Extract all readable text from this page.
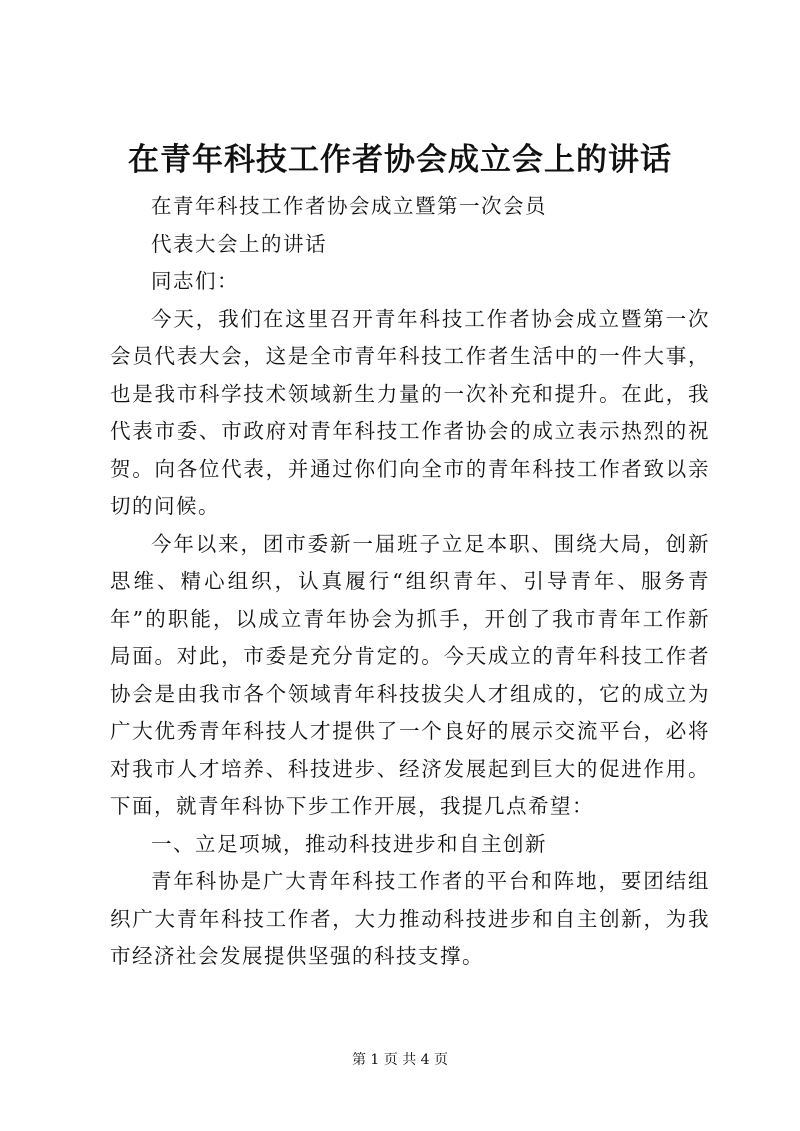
在青年科技工作者协会成立会上的讲话

在青年科技工作者协会成立暨第一次会员

代表大会上的讲话

同志们：

今天，我们在这里召开青年科技工作者协会成立暨第一次会员代表大会，这是全市青年科技工作者生活中的一件大事，也是我市科学技术领域新生力量的一次补充和提升。在此，我代表市委、市政府对青年科技工作者协会的成立表示热烈的祝贺。向各位代表，并通过你们向全市的青年科技工作者致以亲切的问候。

今年以来，团市委新一届班子立足本职、围绕大局，创新思维、精心组织，认真履行“组织青年、引导青年、服务青年”的职能，以成立青年协会为抓手，开创了我市青年工作新局面。对此，市委是充分肯定的。今天成立的青年科技工作者协会是由我市各个领域青年科技拔尖人才组成的，它的成立为广大优秀青年科技人才提供了一个良好的展示交流平台，必将对我市人才培养、科技进步、经济发展起到巨大的促进作用。下面，就青年科协下步工作开展，我提几点希望：

一、立足项城，推动科技进步和自主创新

青年科协是广大青年科技工作者的平台和阵地，要团结组织广大青年科技工作者，大力推动科技进步和自主创新，为我市经济社会发展提供坚强的科技支撑。

第 1 页 共 4 页
